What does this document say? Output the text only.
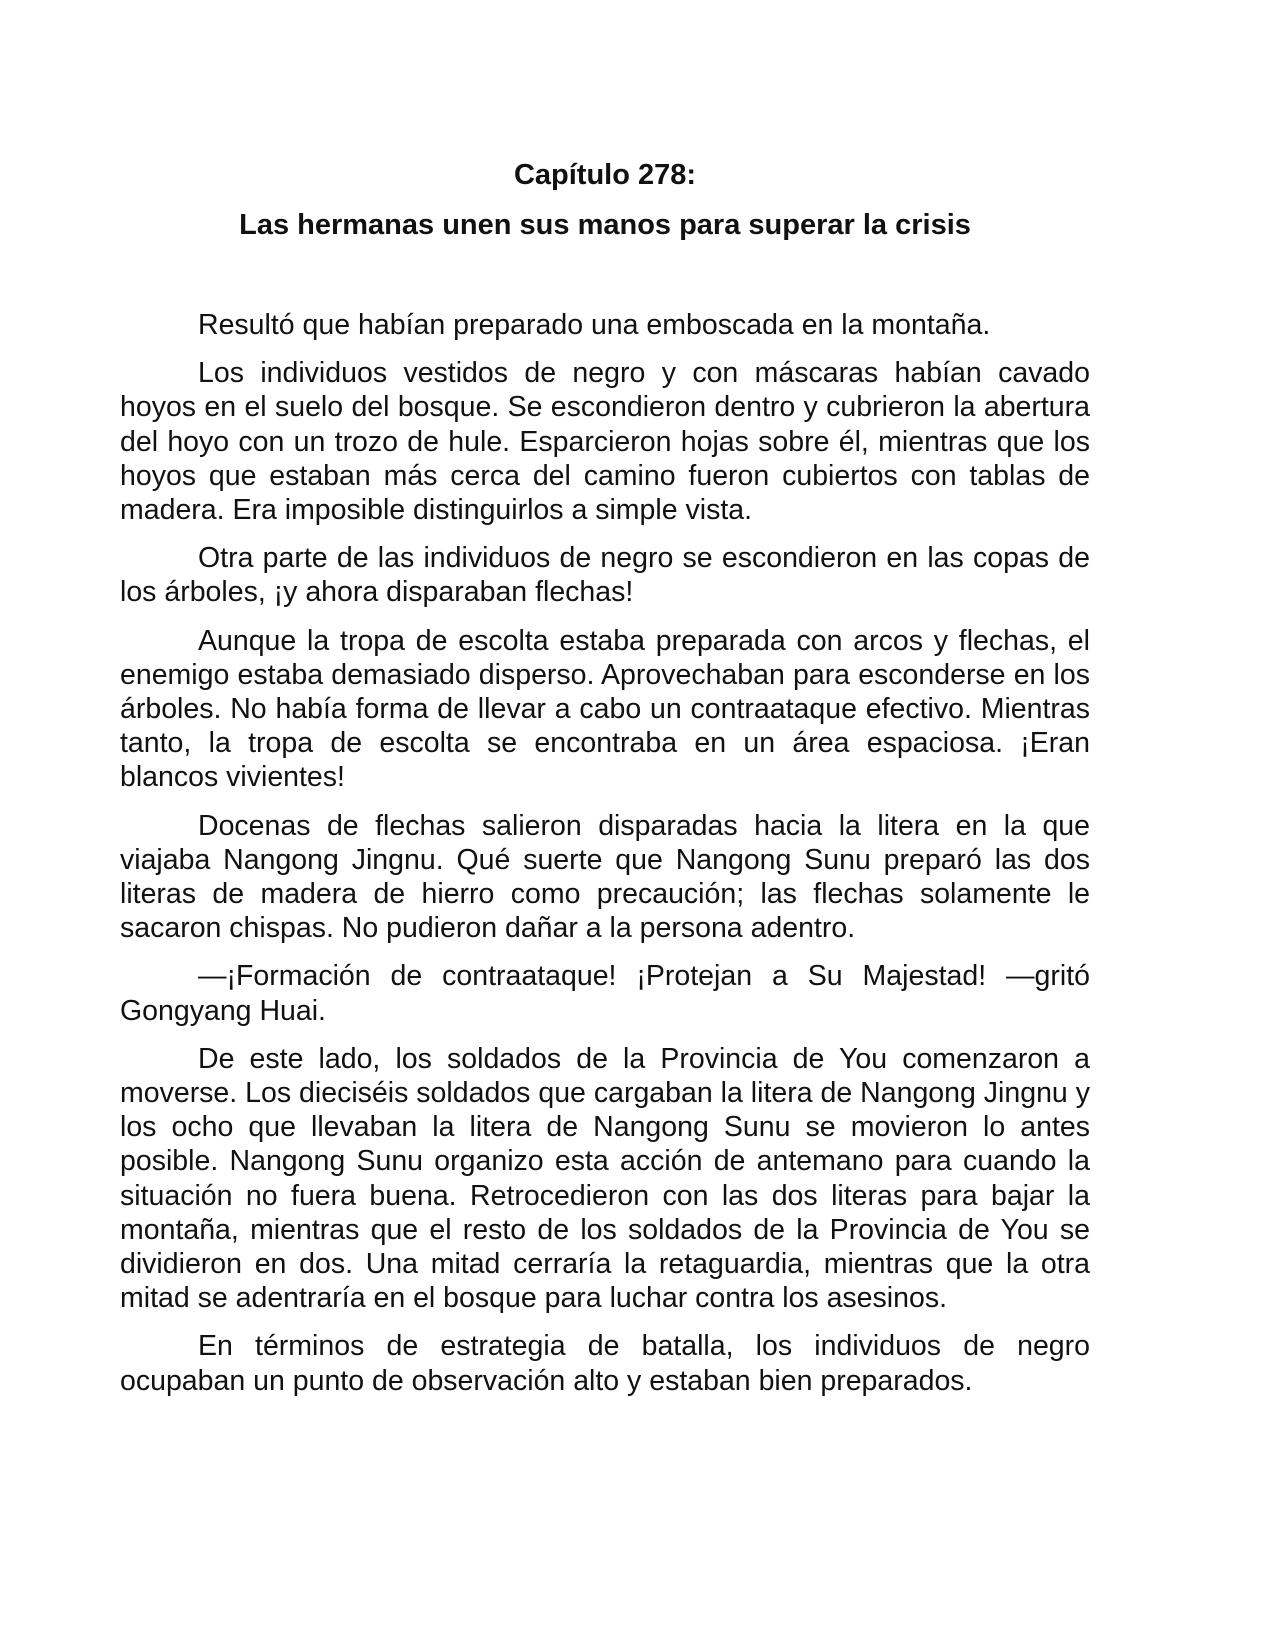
Capítulo 278:
Las hermanas unen sus manos para superar la crisis

Resultó que habían preparado una emboscada en la montaña.

Los individuos vestidos de negro y con máscaras habían cavado hoyos en el suelo del bosque. Se escondieron dentro y cubrieron la abertura del hoyo con un trozo de hule. Esparcieron hojas sobre él, mientras que los hoyos que estaban más cerca del camino fueron cubiertos con tablas de madera. Era imposible distinguirlos a simple vista.

Otra parte de las individuos de negro se escondieron en las copas de los árboles, ¡y ahora disparaban flechas!

Aunque la tropa de escolta estaba preparada con arcos y flechas, el enemigo estaba demasiado disperso. Aprovechaban para esconderse en los árboles. No había forma de llevar a cabo un contraataque efectivo. Mientras tanto, la tropa de escolta se encontraba en un área espaciosa. ¡Eran blancos vivientes!

Docenas de flechas salieron disparadas hacia la litera en la que viajaba Nangong Jingnu. Qué suerte que Nangong Sunu preparó las dos literas de madera de hierro como precaución; las flechas solamente le sacaron chispas. No pudieron dañar a la persona adentro.

—¡Formación de contraataque! ¡Protejan a Su Majestad! —gritó Gongyang Huai.

De este lado, los soldados de la Provincia de You comenzaron a moverse. Los dieciséis soldados que cargaban la litera de Nangong Jingnu y los ocho que llevaban la litera de Nangong Sunu se movieron lo antes posible. Nangong Sunu organizo esta acción de antemano para cuando la situación no fuera buena. Retrocedieron con las dos literas para bajar la montaña, mientras que el resto de los soldados de la Provincia de You se dividieron en dos. Una mitad cerraría la retaguardia, mientras que la otra mitad se adentraría en el bosque para luchar contra los asesinos.

En términos de estrategia de batalla, los individuos de negro ocupaban un punto de observación alto y estaban bien preparados.
